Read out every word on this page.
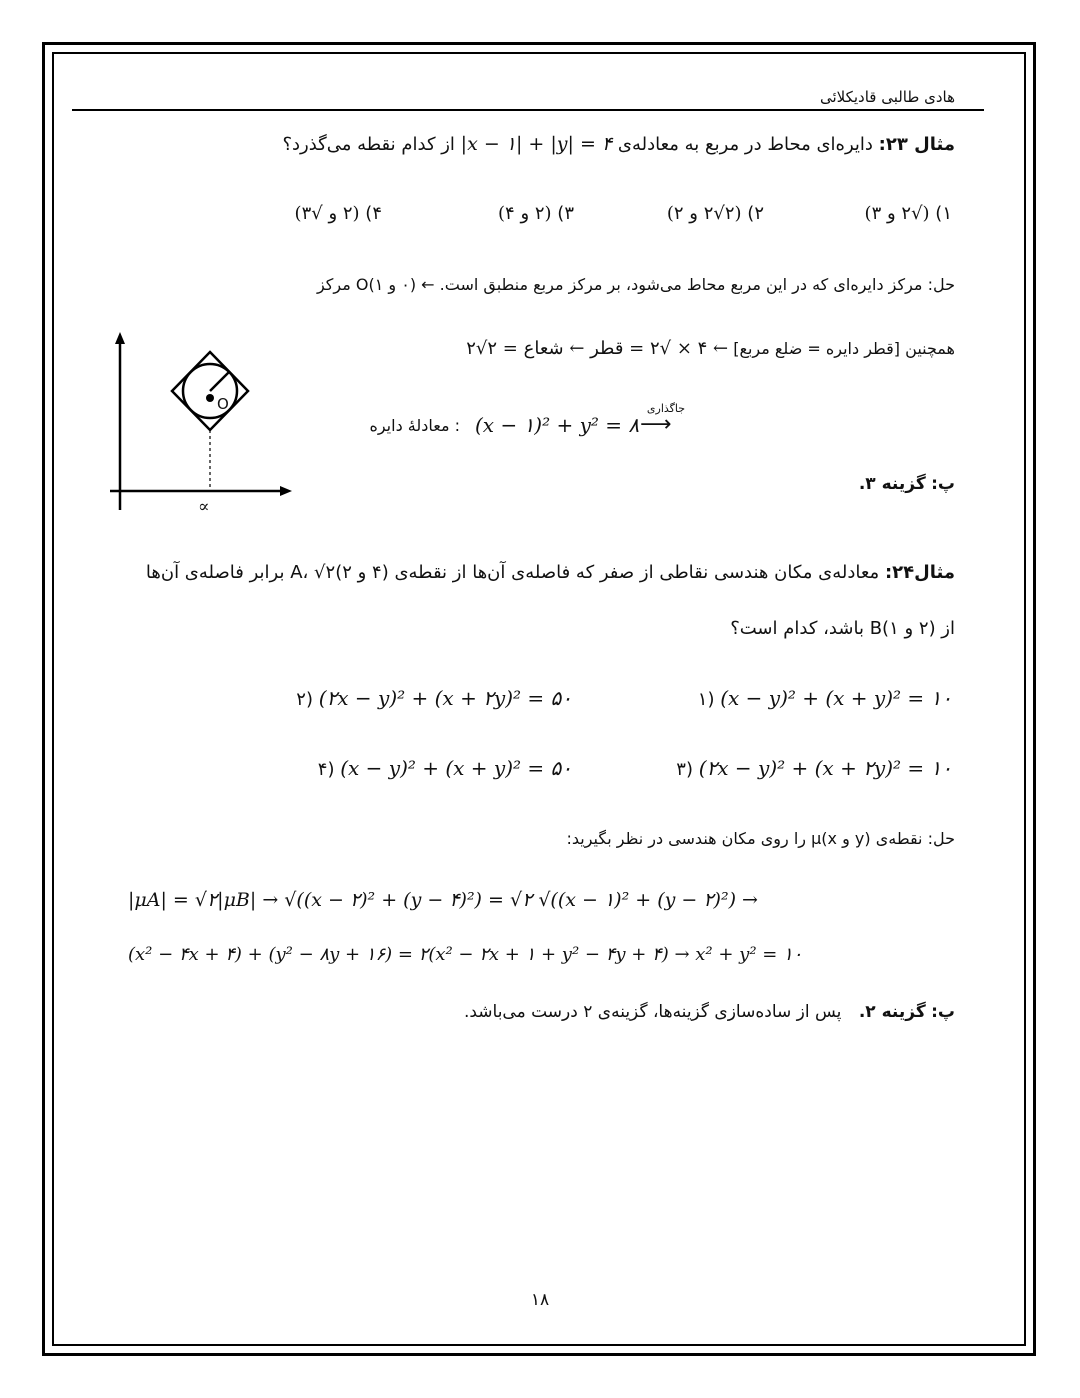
هادی طالبی قادیکلائی
مثال ۲۳: دایره‌ای محاط در مربع به معادله‌ی |x − ۱| + |y| = ۴ از کدام نقطه می‌گذرد؟
۱) (√۲ و ۳)
۲) (۲√۲ و ۲)
۳) (۲ و ۴)
۴) (۲ و √۳)
حل: مرکز دایره‌ای که در این مربع محاط می‌شود، بر مرکز مربع منطبق است. ← (۰ و ۱)O مرکز
همچنین [قطر دایره = ضلع مربع] ← ۴ × √۲ = قطر ← شعاع = ۲√۲
جاگذاری
⟶
(x − ۱)² + y² = ۸
: معادلهٔ دایره
پ: گزینه ۳.
O
∝
مثال۲۴: معادله‌ی مکان هندسی نقاطی از صفر که فاصله‌ی آن‌ها از نقطه‌ی (۴ و ۲)A، √۲ برابر فاصله‌ی آن‌ها
از (۲ و ۱)B باشد، کدام است؟
۱) (x − y)² + (x + y)² = ۱۰
۲) (۲x − y)² + (x + ۲y)² = ۵۰
۳) (۲x − y)² + (x + ۲y)² = ۱۰
۴) (x − y)² + (x + y)² = ۵۰
حل: نقطه‌ی (y و x)μ را روی مکان هندسی در نظر بگیرید:
|μA| = √۲|μB| → √((x − ۲)² + (y − ۴)²) = √۲ √((x − ۱)² + (y − ۲)²) →
(x² − ۴x + ۴) + (y² − ۸y + ۱۶) = ۲(x² − ۲x + ۱ + y² − ۴y + ۴) → x² + y² = ۱۰
پ: گزینه ۲. پس از ساده‌سازی گزینه‌ها، گزینه‌ی ۲ درست می‌باشد.
۱۸
